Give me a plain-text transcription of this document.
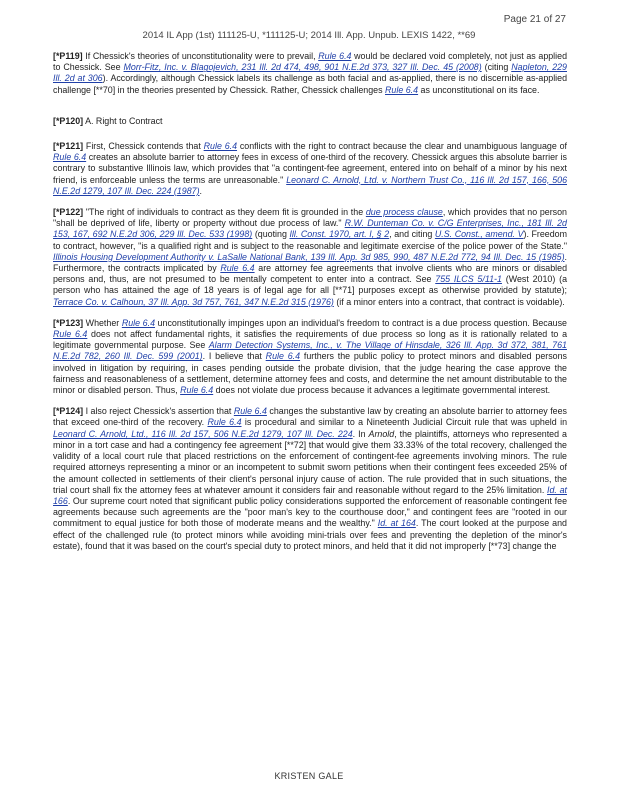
Page 21 of 27
2014 IL App (1st) 111125-U, *111125-U; 2014 Ill. App. Unpub. LEXIS 1422, **69

[*P119] If Chessick's theories of unconstitutionality were to prevail, Rule 6.4 would be declared void completely, not just as applied to Chessick. See Morr-Fitz, Inc. v. Blagojevich, 231 Ill. 2d 474, 498, 901 N.E.2d 373, 327 Ill. Dec. 45 (2008) (citing Napleton, 229 Ill. 2d at 306). Accordingly, although Chessick labels its challenge as both facial and as-applied, there is no discernible as-applied challenge [**70] in the theories presented by Chessick. Rather, Chessick challenges Rule 6.4 as unconstitutional on its face.

[*P120] A. Right to Contract

[*P121] First, Chessick contends that Rule 6.4 conflicts with the right to contract because the clear and unambiguous language of Rule 6.4 creates an absolute barrier to attorney fees in excess of one-third of the recovery. Chessick argues this absolute barrier is contrary to substantive Illinois law, which provides that "a contingent-fee agreement, entered into on behalf of a minor by his next friend, is enforceable unless the terms are unreasonable." Leonard C. Arnold, Ltd. v. Northern Trust Co., 116 Ill. 2d 157, 166, 506 N.E.2d 1279, 107 Ill. Dec. 224 (1987).

[*P122] "The right of individuals to contract as they deem fit is grounded in the due process clause, which provides that no person "shall be deprived of life, liberty or property without due process of law." R.W. Dunteman Co. v. C/G Enterprises, Inc., 181 Ill. 2d 153, 167, 692 N.E.2d 306, 229 Ill. Dec. 533 (1998) (quoting Ill. Const. 1970, art. I, § 2, and citing U.S. Const., amend. V). Freedom to contract, however, "is a qualified right and is subject to the reasonable and legitimate exercise of the police power of the State." Illinois Housing Development Authority v. LaSalle National Bank, 139 Ill. App. 3d 985, 990, 487 N.E.2d 772, 94 Ill. Dec. 15 (1985). Furthermore, the contracts implicated by Rule 6.4 are attorney fee agreements that involve clients who are minors or disabled persons and, thus, are not presumed to be mentally competent to enter into a contract. See 755 ILCS 5/11-1 (West 2010) (a person who has attained the age of 18 years is of legal age for all [**71] purposes except as otherwise provided by statute); Terrace Co. v. Calhoun, 37 Ill. App. 3d 757, 761, 347 N.E.2d 315 (1976) (if a minor enters into a contract, that contract is voidable).

[*P123] Whether Rule 6.4 unconstitutionally impinges upon an individual's freedom to contract is a due process question. Because Rule 6.4 does not affect fundamental rights, it satisfies the requirements of due process so long as it is rationally related to a legitimate governmental purpose. See Alarm Detection Systems, Inc., v. The Village of Hinsdale, 326 Ill. App. 3d 372, 381, 761 N.E.2d 782, 260 Ill. Dec. 599 (2001). I believe that Rule 6.4 furthers the public policy to protect minors and disabled persons involved in litigation by requiring, in cases pending outside the probate division, that the judge hearing the case approve the fairness and reasonableness of a settlement, determine attorney fees and costs, and determine the net amount distributable to the minor or disabled person. Thus, Rule 6.4 does not violate due process because it advances a legitimate governmental interest.

[*P124] I also reject Chessick's assertion that Rule 6.4 changes the substantive law by creating an absolute barrier to attorney fees that exceed one-third of the recovery. Rule 6.4 is procedural and similar to a Nineteenth Judicial Circuit rule that was upheld in Leonard C. Arnold, Ltd., 116 Ill. 2d 157, 506 N.E.2d 1279, 107 Ill. Dec. 224. In Arnold, the plaintiffs, attorneys who represented a minor in a tort case and had a contingency fee agreement [**72] that would give them 33.33% of the total recovery, challenged the validity of a local court rule that placed restrictions on the enforcement of contingent-fee agreements involving minors. The rule required attorneys representing a minor or an incompetent to submit sworn petitions when their contingent fees exceeded 25% of the amount collected in settlements of their client's personal injury cause of action. The rule provided that in such situations, the trial court shall fix the attorney fees at whatever amount it considers fair and reasonable without regard to the 25% limitation. Id. at 166. Our supreme court noted that significant public policy considerations supported the enforcement of reasonable contingent fee agreements because such agreements are the "poor man's key to the courthouse door," and contingent fees are "rooted in our commitment to equal justice for both those of moderate means and the wealthy." Id. at 164. The court looked at the purpose and effect of the challenged rule (to protect minors while avoiding mini-trials over fees and preventing the depletion of the minor's estate), found that it was based on the court's special duty to protect minors, and held that it did not improperly [**73] change the

KRISTEN GALE
